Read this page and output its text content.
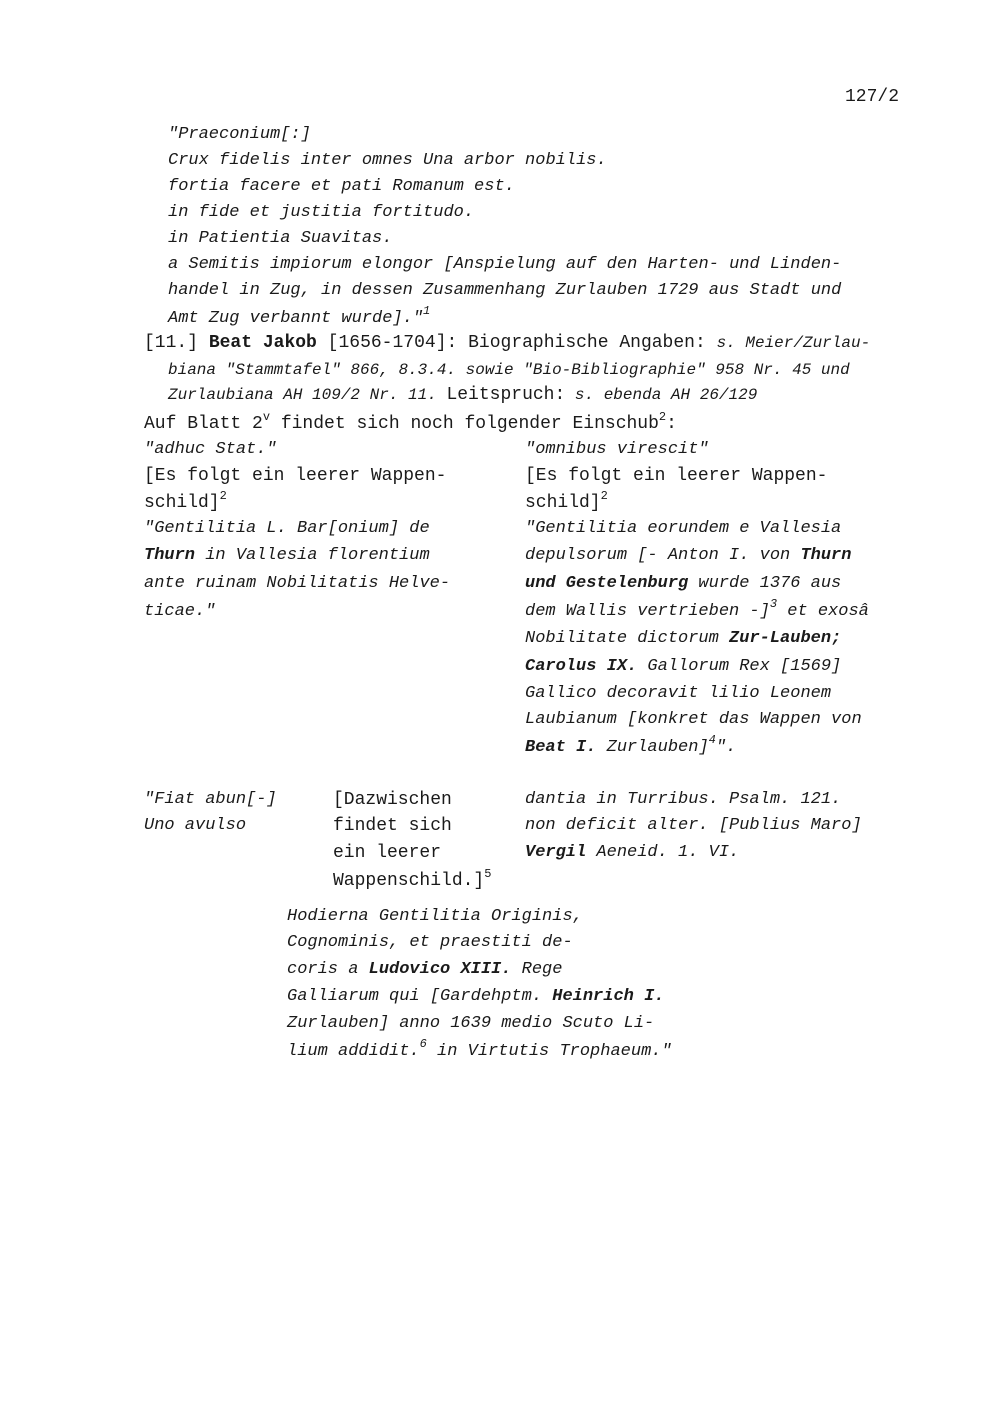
127/2
"Praeconium[:]
Crux fidelis inter omnes Una arbor nobilis.
fortia facere et pati Romanum est.
in fide et justitia fortitudo.
in Patientia Suavitas.
a Semitis impiorum elongor [Anspielung auf den Harten- und Linden-
handel in Zug, in dessen Zusammenhang Zurlauben 1729 aus Stadt und
Amt Zug verbannt wurde]."$^1$
[11.] Beat Jakob [1656-1704]: Biographische Angaben: s. Meier/Zurlau-
biana "Stammtafel" 866, 8.3.4. sowie "Bio-Bibliographie" 958 Nr. 45 und
Zurlaubiana AH 109/2 Nr. 11. Leitspruch: s. ebenda AH 26/129
Auf Blatt 2$^v$ findet sich noch folgender Einschub$^2$:
"adhuc Stat."
[Es folgt ein leerer Wappen-
schild]$^2$
"Gentilitia L. Bar[onium] de
Thurn in Vallesia florentium
ante ruinam Nobilitatis Helve-
ticae."
"omnibus virescit"
[Es folgt ein leerer Wappen-
schild]$^2$
"Gentilitia eorundem e Vallesia
depulsorum [- Anton I. von Thurn
und Gestelenburg wurde 1376 aus
dem Wallis vertrieben -]$^3$ et exosâ
Nobilitate dictorum Zur-Lauben;
Carolus IX. Gallorum Rex [1569]
Gallico decoravit lilio Leonem
Laubianum [konkret das Wappen von
Beat I. Zurlauben]$^4$".
"Fiat abun[-]
Uno avulso
[Dazwischen
findet sich
ein leerer
Wappenschild.]$^5$
dantia in Turribus. Psalm. 121.
non deficit alter. [Publius Maro]
Vergil Aeneid. 1. VI.
Hodierna Gentilitia Originis,
Cognominis, et praestiti de-
coris a Ludovico XIII. Rege
Galliarum qui [Gardehptm. Heinrich I.
Zurlauben] anno 1639 medio Scuto Li-
lium addidit.$^6$ in Virtutis Trophaeum."
